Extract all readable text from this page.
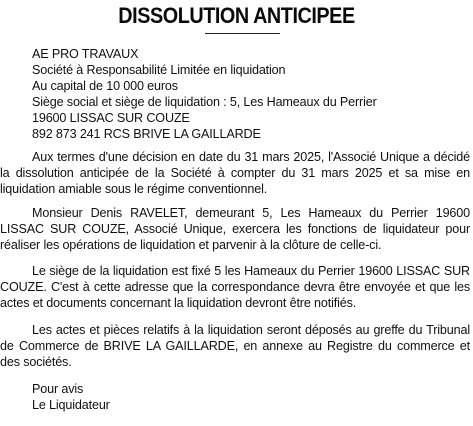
DISSOLUTION ANTICIPEE
AE PRO TRAVAUX
Société à Responsabilité Limitée en liquidation
Au capital de 10 000 euros
Siège social et siège de liquidation : 5, Les Hameaux du Perrier
19600 LISSAC SUR COUZE
892 873 241 RCS BRIVE LA GAILLARDE

Aux termes d'une décision en date du 31 mars 2025, l'Associé Unique a décidé la dissolution anticipée de la Société à compter du 31 mars 2025 et sa mise en liquidation amiable sous le régime conventionnel.

Monsieur Denis RAVELET, demeurant 5, Les Hameaux du Perrier 19600 LISSAC SUR COUZE, Associé Unique, exercera les fonctions de liquidateur pour réaliser les opérations de liquidation et parvenir à la clôture de celle-ci.

Le siège de la liquidation est fixé 5 les Hameaux du Perrier 19600 LISSAC SUR COUZE. C'est à cette adresse que la correspondance devra être envoyée et que les actes et documents concernant la liquidation devront être notifiés.

Les actes et pièces relatifs à la liquidation seront déposés au greffe du Tribunal de Commerce de BRIVE LA GAILLARDE, en annexe au Registre du commerce et des sociétés.

Pour avis
Le Liquidateur
